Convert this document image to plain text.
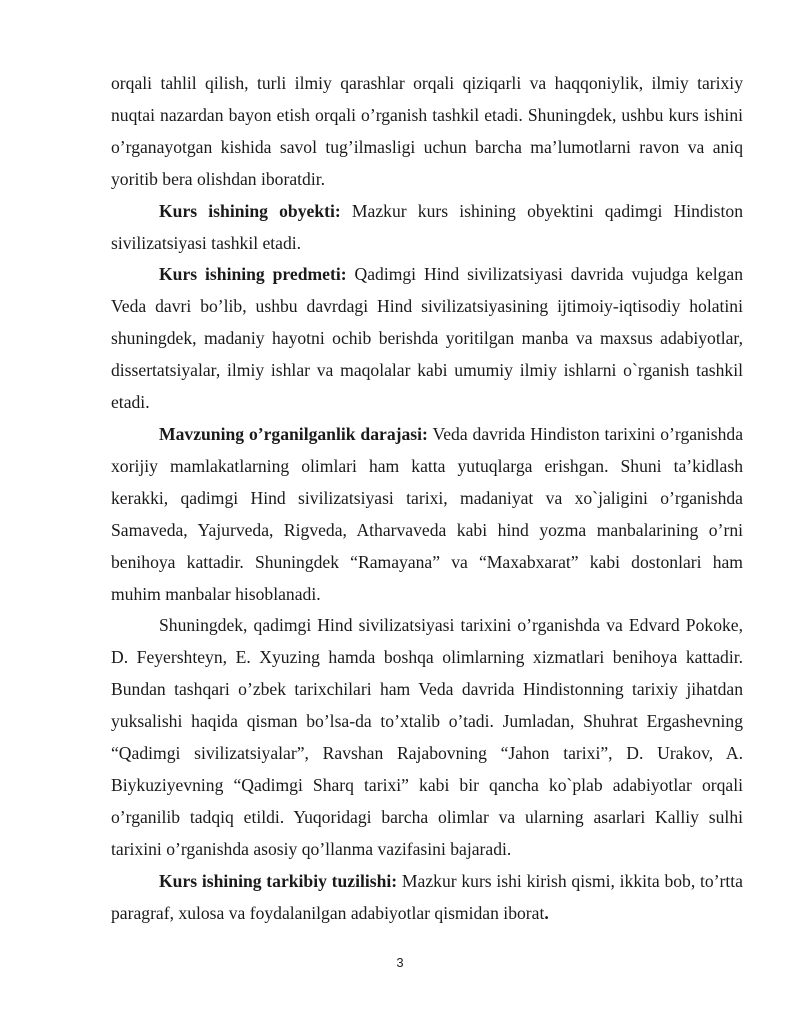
orqali tahlil qilish, turli ilmiy qarashlar orqali qiziqarli va haqqoniylik, ilmiy tarixiy nuqtai nazardan bayon etish orqali o’rganish tashkil etadi. Shuningdek, ushbu kurs ishini o’rganayotgan kishida savol tug’ilmasligi uchun barcha ma’lumotlarni ravon va aniq yoritib bera olishdan iboratdir.

Kurs ishining obyekti: Mazkur kurs ishining obyektini qadimgi Hindiston sivilizatsiyasi tashkil etadi.

Kurs ishining predmeti: Qadimgi Hind sivilizatsiyasi davrida vujudga kelgan Veda davri bo’lib, ushbu davrdagi Hind sivilizatsiyasining ijtimoiy-iqtisodiy holatini shuningdek, madaniy hayotni ochib berishda yoritilgan manba va maxsus adabiyotlar, dissertatsiyalar, ilmiy ishlar va maqolalar kabi umumiy ilmiy ishlarni o`rganish tashkil etadi.

Mavzuning o’rganilganlik darajasi: Veda davrida Hindiston tarixini o’rganishda xorijiy mamlakatlarning olimlari ham katta yutuqlarga erishgan. Shuni ta’kidlash kerakki, qadimgi Hind sivilizatsiyasi tarixi, madaniyat va xo`jaligini o’rganishda Samaveda, Yajurveda, Rigveda, Atharvaveda kabi hind yozma manbalarining o’rni benihoya kattadir. Shuningdek “Ramayana” va “Maxabxarat” kabi dostonlari ham muhim manbalar hisoblanadi.

Shuningdek, qadimgi Hind sivilizatsiyasi tarixini o’rganishda va Edvard Pokoke, D. Feyershteyn, E. Xyuzing hamda boshqa olimlarning xizmatlari benihoya kattadir. Bundan tashqari o’zbek tarixchilari ham Veda davrida Hindistonning tarixiy jihatdan yuksalishi haqida qisman bo’lsa-da to’xtalib o’tadi. Jumladan, Shuhrat Ergashevning “Qadimgi sivilizatsiyalar”, Ravshan Rajabovning “Jahon tarixi”, D. Urakov, A. Biykuziyevning “Qadimgi Sharq tarixi” kabi bir qancha ko`plab adabiyotlar orqali o’rganilib tadqiq etildi. Yuqoridagi barcha olimlar va ularning asarlari Kalliy sulhi tarixini o’rganishda asosiy qo’llanma vazifasini bajaradi.

Kurs ishining tarkibiy tuzilishi: Mazkur kurs ishi kirish qismi, ikkita bob, to’rtta paragraf, xulosa va foydalanilgan adabiyotlar qismidan iborat.

3
